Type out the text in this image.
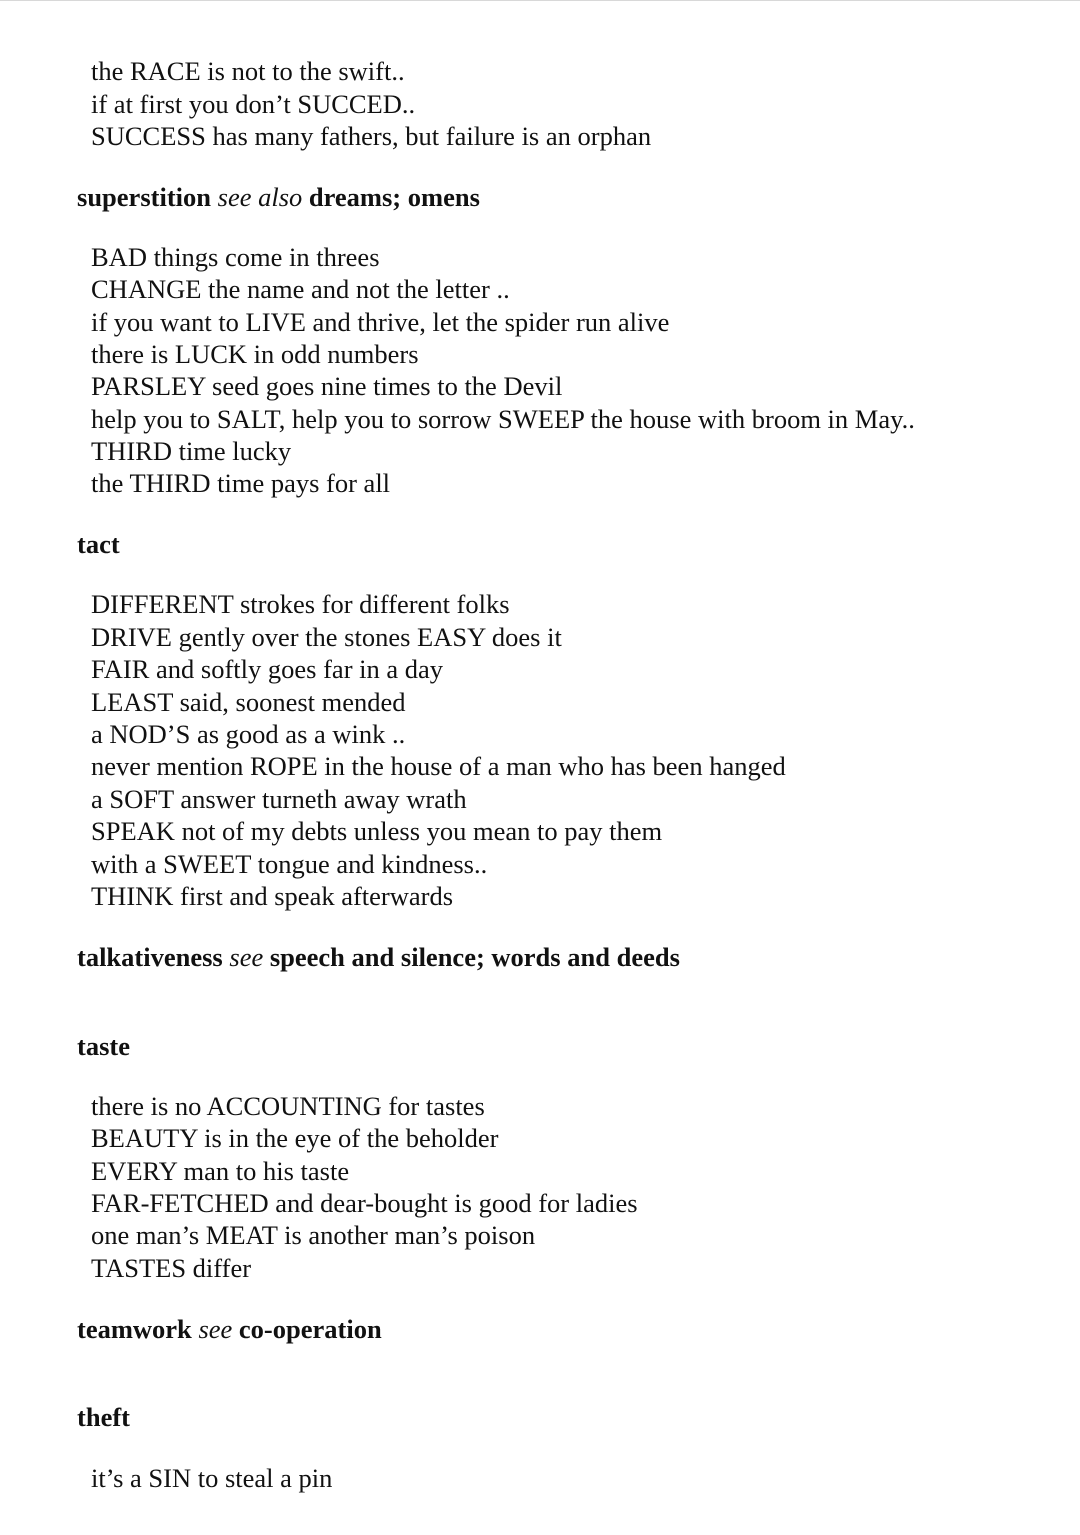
the RACE is not to the swift..
if at first you don’t SUCCED..
SUCCESS has many fathers, but failure is an orphan
superstition see also dreams; omens
BAD things come in threes
CHANGE the name and not the letter ..
if you want to LIVE and thrive, let the spider run alive
there is LUCK in odd numbers
PARSLEY seed goes nine times to the Devil
help you to SALT, help you to sorrow SWEEP the house with broom in May..
THIRD time lucky
the THIRD time pays for all
tact
DIFFERENT strokes for different folks
DRIVE gently over the stones EASY does it
FAIR and softly goes far in a day
LEAST said, soonest mended
a NOD’S as good as a wink ..
never mention ROPE in the house of a man who has been hanged
a SOFT answer turneth away wrath
SPEAK not of my debts unless you mean to pay them
with a SWEET tongue and kindness..
THINK first and speak afterwards
talkativeness see speech and silence; words and deeds
taste
there is no ACCOUNTING for tastes
BEAUTY is in the eye of the beholder
EVERY man to his taste
FAR-FETCHED and dear-bought is good for ladies
one man’s MEAT is another man’s poison
TASTES differ
teamwork see co-operation
theft
it’s a SIN to steal a pin
